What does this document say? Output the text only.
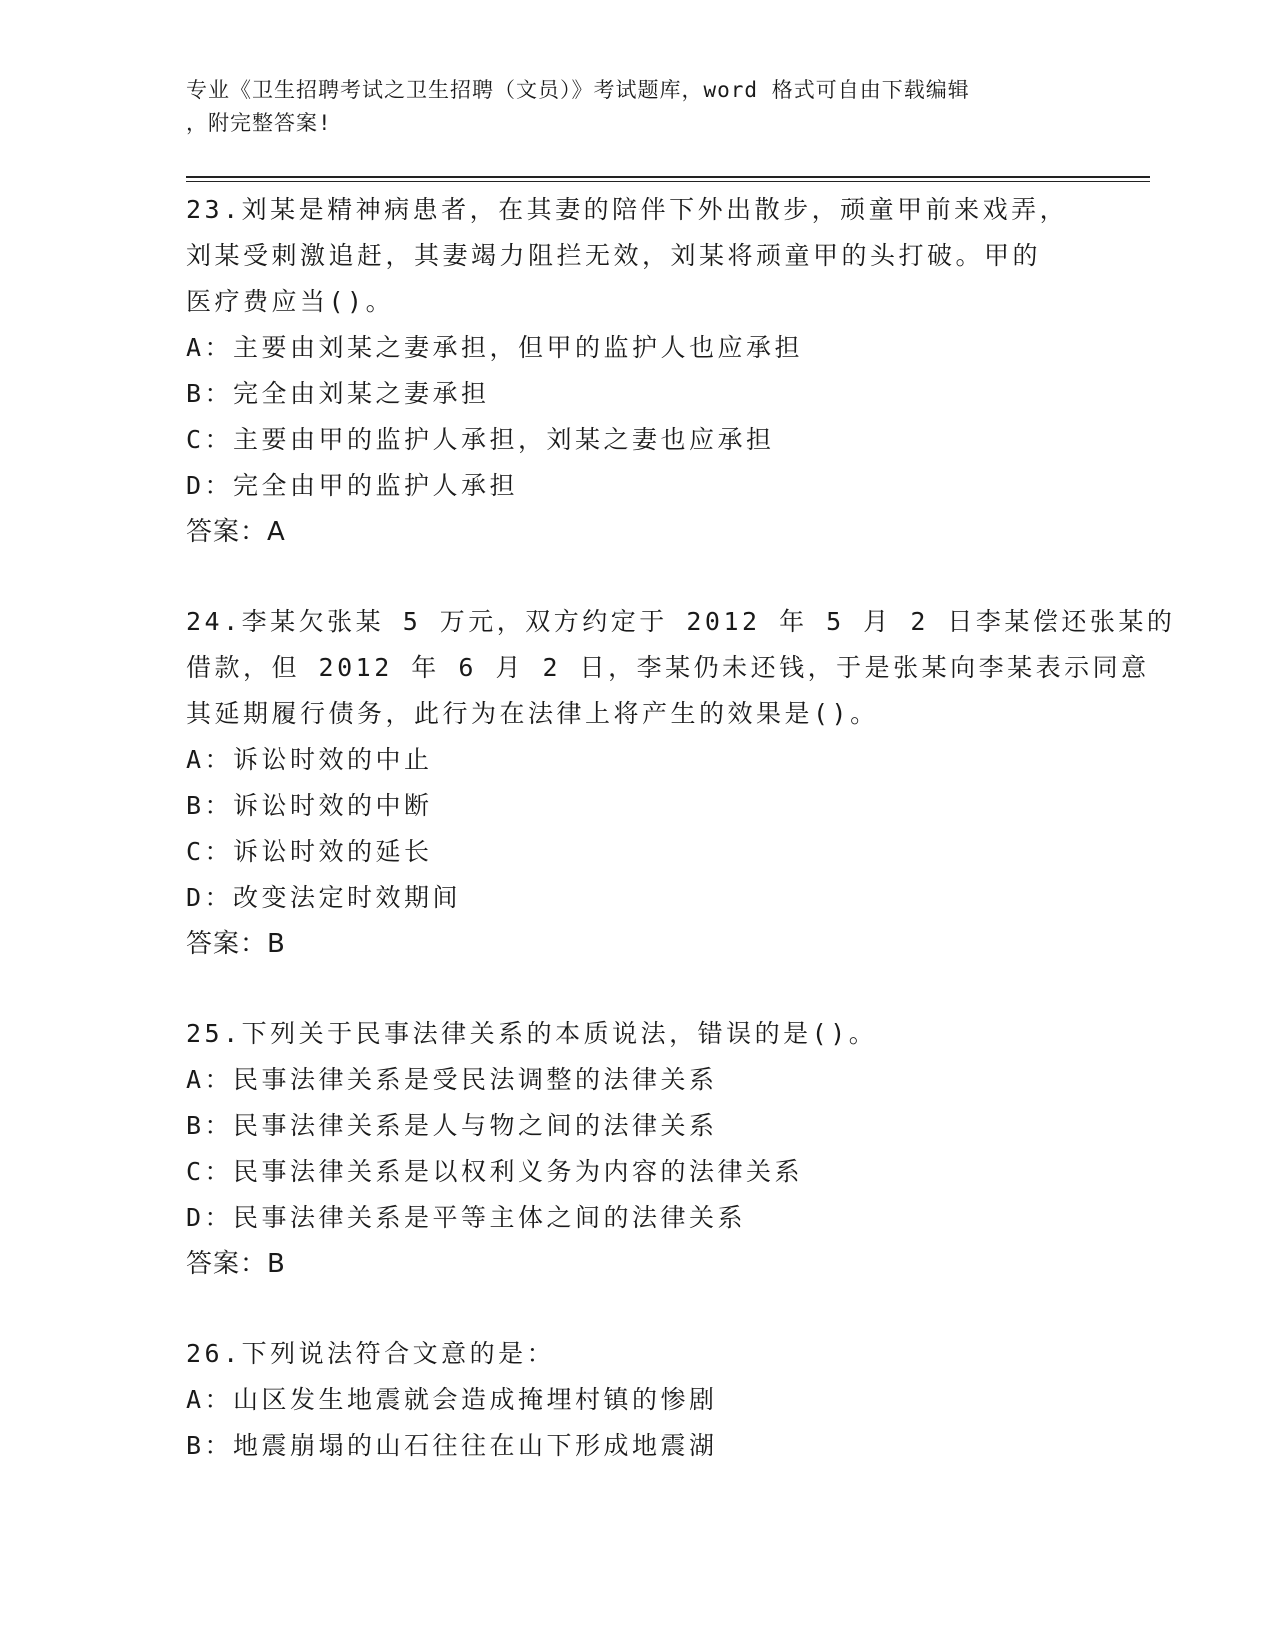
专业《卫生招聘考试之卫生招聘（文员）》考试题库，word 格式可自由下载编辑
，附完整答案!
23.刘某是精神病患者，在其妻的陪伴下外出散步，顽童甲前来戏弄，
刘某受刺激追赶，其妻竭力阻拦无效，刘某将顽童甲的头打破。甲的
医疗费应当()。
A：主要由刘某之妻承担，但甲的监护人也应承担
B：完全由刘某之妻承担
C：主要由甲的监护人承担，刘某之妻也应承担
D：完全由甲的监护人承担
答案：A
24.李某欠张某 5 万元，双方约定于 2012 年 5 月 2 日李某偿还张某的
借款，但 2012 年 6 月 2 日，李某仍未还钱，于是张某向李某表示同意
其延期履行债务，此行为在法律上将产生的效果是()。
A：诉讼时效的中止
B：诉讼时效的中断
C：诉讼时效的延长
D：改变法定时效期间
答案：B
25.下列关于民事法律关系的本质说法，错误的是()。
A：民事法律关系是受民法调整的法律关系
B：民事法律关系是人与物之间的法律关系
C：民事法律关系是以权利义务为内容的法律关系
D：民事法律关系是平等主体之间的法律关系
答案：B
26.下列说法符合文意的是：
A：山区发生地震就会造成掩埋村镇的惨剧
B：地震崩塌的山石往往在山下形成地震湖
